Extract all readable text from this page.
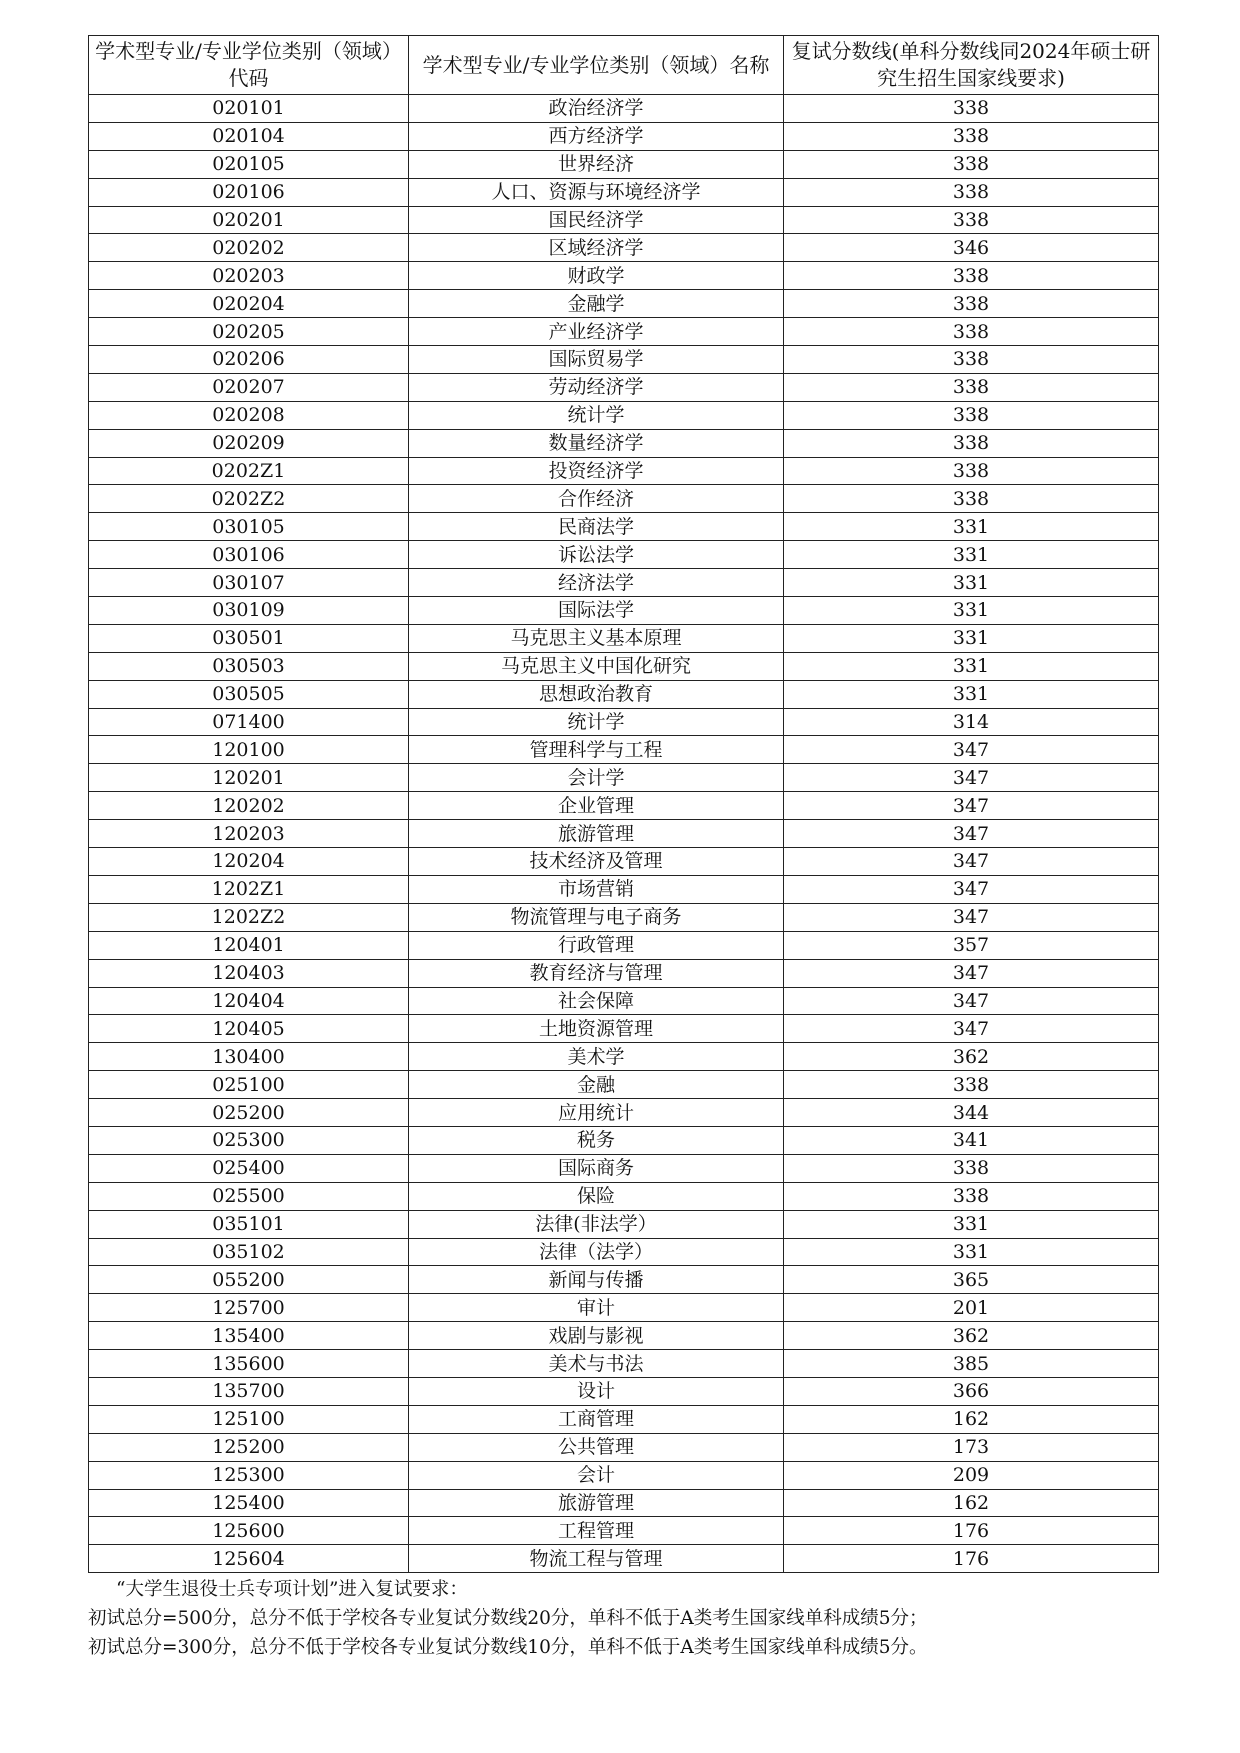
学术型专业/专业学位类别（领域）代码	学术型专业/专业学位类别（领域）名称	复试分数线(单科分数线同2024年硕士研究生招生国家线要求)
020101	政治经济学	338
020104	西方经济学	338
020105	世界经济	338
020106	人口、资源与环境经济学	338
020201	国民经济学	338
020202	区域经济学	346
020203	财政学	338
020204	金融学	338
020205	产业经济学	338
020206	国际贸易学	338
020207	劳动经济学	338
020208	统计学	338
020209	数量经济学	338
0202Z1	投资经济学	338
0202Z2	合作经济	338
030105	民商法学	331
030106	诉讼法学	331
030107	经济法学	331
030109	国际法学	331
030501	马克思主义基本原理	331
030503	马克思主义中国化研究	331
030505	思想政治教育	331
071400	统计学	314
120100	管理科学与工程	347
120201	会计学	347
120202	企业管理	347
120203	旅游管理	347
120204	技术经济及管理	347
1202Z1	市场营销	347
1202Z2	物流管理与电子商务	347
120401	行政管理	357
120403	教育经济与管理	347
120404	社会保障	347
120405	土地资源管理	347
130400	美术学	362
025100	金融	338
025200	应用统计	344
025300	税务	341
025400	国际商务	338
025500	保险	338
035101	法律(非法学）	331
035102	法律（法学）	331
055200	新闻与传播	365
125700	审计	201
135400	戏剧与影视	362
135600	美术与书法	385
135700	设计	366
125100	工商管理	162
125200	公共管理	173
125300	会计	209
125400	旅游管理	162
125600	工程管理	176
125604	物流工程与管理	176
“大学生退役士兵专项计划”进入复试要求：
初试总分=500分，总分不低于学校各专业复试分数线20分，单科不低于A类考生国家线单科成绩5分；
初试总分=300分，总分不低于学校各专业复试分数线10分，单科不低于A类考生国家线单科成绩5分。
